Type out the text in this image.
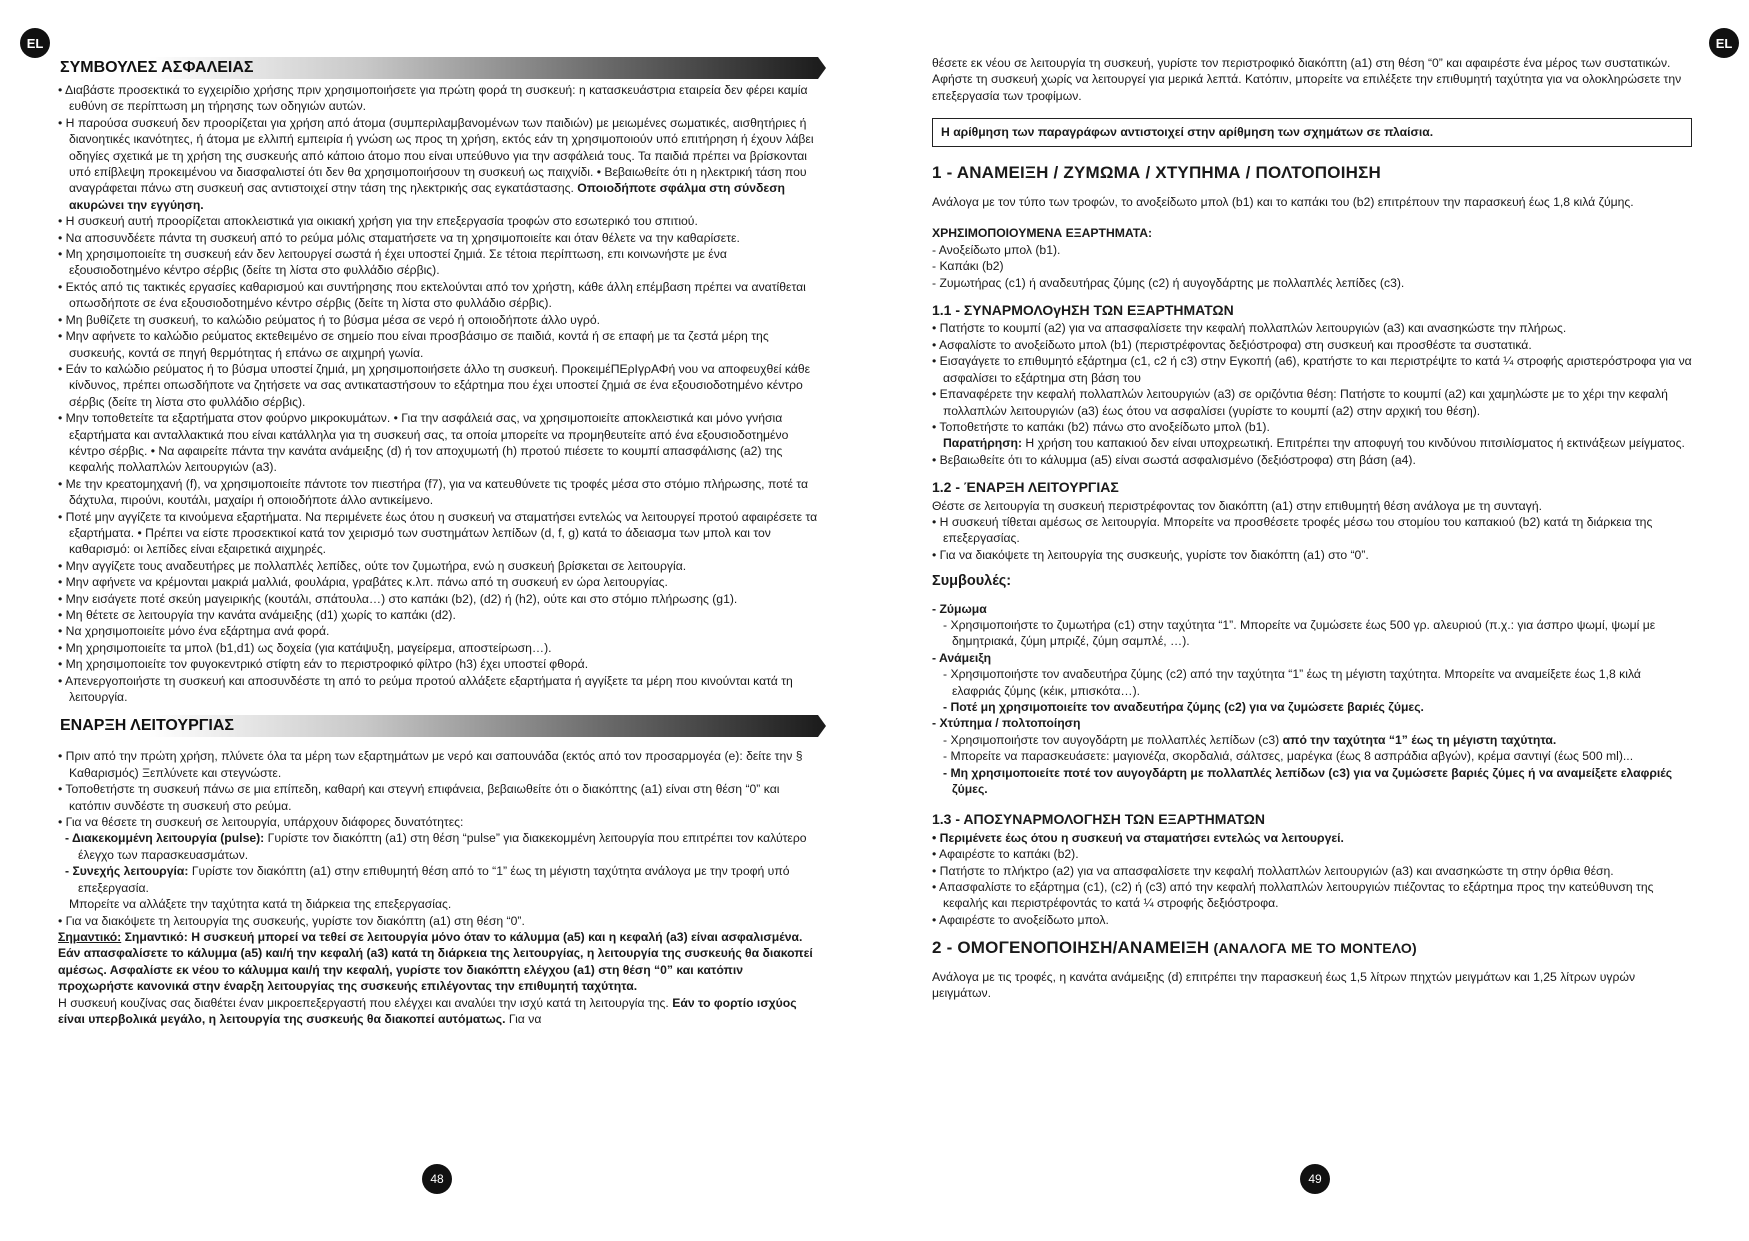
EL
ΣΥΜΒΟΥΛΕΣ ΑΣΦΑΛΕΙΑΣ

• Διαβάστε προσεκτικά το εγχειρίδιο χρήσης πριν χρησιμοποιήσετε για πρώτη φορά τη συσκευή: η κατασκευάστρια εταιρεία δεν φέρει καμία ευθύνη σε περίπτωση μη τήρησης των οδηγιών αυτών.

• Η παρούσα συσκευή δεν προορίζεται για χρήση από άτομα (συμπεριλαμβανομένων των παιδιών) με μειωμένες σωματικές, αισθητήριες ή διανοητικές ικανότητες, ή άτομα με ελλιπή εμπειρία ή γνώση ως προς τη χρήση, εκτός εάν τη χρησιμοποιούν υπό επιτήρηση ή έχουν λάβει οδηγίες σχετικά με τη χρήση της συσκευής από κάποιο άτομο που είναι υπεύθυνο για την ασφάλειά τους. Τα παιδιά πρέπει να βρίσκονται υπό επίβλεψη προκειμένου να διασφαλιστεί ότι δεν θα χρησιμοποιήσουν τη συσκευή ως παιχνίδι. • Βεβαιωθείτε ότι η ηλεκτρική τάση που αναγράφεται πάνω στη συσκευή σας αντιστοιχεί στην τάση της ηλεκτρικής σας εγκατάστασης. Οποιοδήποτε σφάλμα στη σύνδεση ακυρώνει την εγγύηση.

• Η συσκευή αυτή προορίζεται αποκλειστικά για οικιακή χρήση για την επεξεργασία τροφών στο εσωτερικό του σπιτιού.

• Να αποσυνδέετε πάντα τη συσκευή από το ρεύμα μόλις σταματήσετε να τη χρησιμοποιείτε και όταν θέλετε να την καθαρίσετε.

• Μη χρησιμοποιείτε τη συσκευή εάν δεν λειτουργεί σωστά ή έχει υποστεί ζημιά. Σε τέτοια περίπτωση, επι κοινωνήστε με ένα εξουσιοδοτημένο κέντρο σέρβις (δείτε τη λίστα στο φυλλάδιο σέρβις).

• Εκτός από τις τακτικές εργασίες καθαρισμού και συντήρησης που εκτελούνται από τον χρήστη, κάθε άλλη επέμβαση πρέπει να ανατίθεται οπωσδήποτε σε ένα εξουσιοδοτημένο κέντρο σέρβις (δείτε τη λίστα στο φυλλάδιο σέρβις).

• Μη βυθίζετε τη συσκευή, το καλώδιο ρεύματος ή το βύσμα μέσα σε νερό ή οποιοδήποτε άλλο υγρό.

• Μην αφήνετε το καλώδιο ρεύματος εκτεθειμένο σε σημείο που είναι προσβάσιμο σε παιδιά, κοντά ή σε επαφή με τα ζεστά μέρη της συσκευής, κοντά σε πηγή θερμότητας ή επάνω σε αιχμηρή γωνία.

• Εάν το καλώδιο ρεύματος ή το βύσμα υποστεί ζημιά, μη χρησιμοποιήσετε άλλο τη συσκευή. ΠροκειμέΠΕρΙγρΑΦή νου να αποφευχθεί κάθε κίνδυνος, πρέπει οπωσδήποτε να ζητήσετε να σας αντικαταστήσουν το εξάρτημα που έχει υποστεί ζημιά σε ένα εξουσιοδοτημένο κέντρο σέρβις (δείτε τη λίστα στο φυλλάδιο σέρβις).

• Μην τοποθετείτε τα εξαρτήματα στον φούρνο μικροκυμάτων. • Για την ασφάλειά σας, να χρησιμοποιείτε αποκλειστικά και μόνο γνήσια εξαρτήματα και ανταλλακτικά που είναι κατάλληλα για τη συσκευή σας, τα οποία μπορείτε να προμηθευτείτε από ένα εξουσιοδοτημένο κέντρο σέρβις. • Να αφαιρείτε πάντα την κανάτα ανάμειξης (d) ή τον αποχυμωτή (h) προτού πιέσετε το κουμπί απασφάλισης (a2) της κεφαλής πολλαπλών λειτουργιών (a3).

• Με την κρεατομηχανή (f), να χρησιμοποιείτε πάντοτε τον πιεστήρα (f7), για να κατευθύνετε τις τροφές μέσα στο στόμιο πλήρωσης, ποτέ τα δάχτυλα, πιρούνι, κουτάλι, μαχαίρι ή οποιοδήποτε άλλο αντικείμενο.

• Ποτέ μην αγγίζετε τα κινούμενα εξαρτήματα. Να περιμένετε έως ότου η συσκευή να σταματήσει εντελώς να λειτουργεί προτού αφαιρέσετε τα εξαρτήματα. • Πρέπει να είστε προσεκτικοί κατά τον χειρισμό των συστημάτων λεπίδων (d, f, g) κατά το άδειασμα των μπολ και τον καθαρισμό: οι λεπίδες είναι εξαιρετικά αιχμηρές.

• Μην αγγίζετε τους αναδευτήρες με πολλαπλές λεπίδες, ούτε τον ζυμωτήρα, ενώ η συσκευή βρίσκεται σε λειτουργία.

• Μην αφήνετε να κρέμονται μακριά μαλλιά, φουλάρια, γραβάτες κ.λπ. πάνω από τη συσκευή εν ώρα λειτουργίας.

• Μην εισάγετε ποτέ σκεύη μαγειρικής (κουτάλι, σπάτουλα…) στο καπάκι (b2), (d2) ή (h2), ούτε και στο στόμιο πλήρωσης (g1).

• Μη θέτετε σε λειτουργία την κανάτα ανάμειξης (d1) χωρίς το καπάκι (d2).

• Να χρησιμοποιείτε μόνο ένα εξάρτημα ανά φορά.

• Μη χρησιμοποιείτε τα μπολ (b1,d1) ως δοχεία (για κατάψυξη, μαγείρεμα, αποστείρωση…).

• Μη χρησιμοποιείτε τον φυγοκεντρικό στίφτη εάν το περιστροφικό φίλτρο (h3) έχει υποστεί φθορά.

• Απενεργοποιήστε τη συσκευή και αποσυνδέστε τη από το ρεύμα προτού αλλάξετε εξαρτήματα ή αγγίξετε τα μέρη που κινούνται κατά τη λειτουργία.

ΕΝΑΡΞΗ ΛΕΙΤΟΥΡΓΙΑΣ

• Πριν από την πρώτη χρήση, πλύνετε όλα τα μέρη των εξαρτημάτων με νερό και σαπουνάδα (εκτός από τον προσαρμογέα (e): δείτε την § Καθαρισμός) Ξεπλύνετε και στεγνώστε.

• Τοποθετήστε τη συσκευή πάνω σε μια επίπεδη, καθαρή και στεγνή επιφάνεια, βεβαιωθείτε ότι ο διακόπτης (a1) είναι στη θέση “0” και κατόπιν συνδέστε τη συσκευή στο ρεύμα.

• Για να θέσετε τη συσκευή σε λειτουργία, υπάρχουν διάφορες δυνατότητες:

- Διακεκομμένη λειτουργία (pulse): Γυρίστε τον διακόπτη (a1) στη θέση “pulse” για διακεκομμένη λειτουργία που επιτρέπει τον καλύτερο έλεγχο των παρασκευασμάτων.

- Συνεχής λειτουργία: Γυρίστε τον διακόπτη (a1) στην επιθυμητή θέση από το “1” έως τη μέγιστη ταχύτητα ανάλογα με την τροφή υπό επεξεργασία.

Μπορείτε να αλλάξετε την ταχύτητα κατά τη διάρκεια της επεξεργασίας.

• Για να διακόψετε τη λειτουργία της συσκευής, γυρίστε τον διακόπτη (a1) στη θέση “0”.

Σημαντικό: Σημαντικό: Η συσκευή μπορεί να τεθεί σε λειτουργία μόνο όταν το κάλυμμα (a5) και η κεφαλή (a3) είναι ασφαλισμένα. Εάν απασφαλίσετε το κάλυμμα (a5) και/ή την κεφαλή (a3) κατά τη διάρκεια της λειτουργίας, η λειτουργία της συσκευής θα διακοπεί αμέσως. Ασφαλίστε εκ νέου το κάλυμμα και/ή την κεφαλή, γυρίστε τον διακόπτη ελέγχου (a1) στη θέση “0” και κατόπιν προχωρήστε κανονικά στην έναρξη λειτουργίας της συσκευής επιλέγοντας την επιθυμητή ταχύτητα.

Η συσκευή κουζίνας σας διαθέτει έναν μικροεπεξεργαστή που ελέγχει και αναλύει την ισχύ κατά τη λειτουργία της. Εάν το φορτίο ισχύος είναι υπερβολικά μεγάλο, η λειτουργία της συσκευής θα διακοπεί αυτόματως. Για να

48
EL

θέσετε εκ νέου σε λειτουργία τη συσκευή, γυρίστε τον περιστροφικό διακόπτη (a1) στη θέση “0” και αφαιρέστε ένα μέρος των συστατικών. Αφήστε τη συσκευή χωρίς να λειτουργεί για μερικά λεπτά. Κατόπιν, μπορείτε να επιλέξετε την επιθυμητή ταχύτητα για να ολοκληρώσετε την επεξεργασία των τροφίμων.

Η αρίθμηση των παραγράφων αντιστοιχεί στην αρίθμηση των σχημάτων σε πλαίσια.
1 - ΑΝΑΜΕΙΞΗ / ΖΥΜΩΜΑ / ΧΤΥΠΗΜΑ / ΠΟΛΤΟΠΟΙΗΣΗ

Ανάλογα με τον τύπο των τροφών, το ανοξείδωτο μπολ (b1) και το καπάκι του (b2) επιτρέπουν την παρασκευή έως 1,8 κιλά ζύμης.

ΧΡΗΣΙΜΟΠΟΙΟΥΜΕΝΑ ΕΞΑΡΤΗΜΑΤΑ:

- Ανοξείδωτο μπολ (b1).

- Καπάκι (b2)

- Ζυμωτήρας (c1) ή αναδευτήρας ζύμης (c2) ή αυγογδάρτης με πολλαπλές λεπίδες (c3).

1.1 - ΣΥΝΑΡΜΟΛΟγΗΣΗ ΤΩΝ ΕΞΑΡΤΗΜΑΤΩΝ

• Πατήστε το κουμπί (a2) για να απασφαλίσετε την κεφαλή πολλαπλών λειτουργιών (a3) και ανασηκώστε την πλήρως.

• Ασφαλίστε το ανοξείδωτο μπολ (b1) (περιστρέφοντας δεξιόστροφα) στη συσκευή και προσθέστε τα συστατικά.

• Εισαγάγετε το επιθυμητό εξάρτημα (c1, c2 ή c3) στην Εγκοπή (a6), κρατήστε το και περιστρέψτε το κατά ¼ στροφής αριστερόστροφα για να ασφαλίσει το εξάρτημα στη βάση του

• Επαναφέρετε την κεφαλή πολλαπλών λειτουργιών (a3) σε οριζόντια θέση: Πατήστε το κουμπί (a2) και χαμηλώστε με το χέρι την κεφαλή πολλαπλών λειτουργιών (a3) έως ότου να ασφαλίσει (γυρίστε το κουμπί (a2) στην αρχική του θέση).

• Τοποθετήστε το καπάκι (b2) πάνω στο ανοξείδωτο μπολ (b1).

Παρατήρηση: Η χρήση του καπακιού δεν είναι υποχρεωτική. Επιτρέπει την αποφυγή του κινδύνου πιτσιλίσματος ή εκτινάξεων μείγματος.

• Βεβαιωθείτε ότι το κάλυμμα (a5) είναι σωστά ασφαλισμένο (δεξιόστροφα) στη βάση (a4).

1.2 - ΈΝΑΡΞΗ ΛΕΙΤΟΥΡΓΙΑΣ

Θέστε σε λειτουργία τη συσκευή περιστρέφοντας τον διακόπτη (a1) στην επιθυμητή θέση ανάλογα με τη συνταγή.

• Η συσκευή τίθεται αμέσως σε λειτουργία. Μπορείτε να προσθέσετε τροφές μέσω του στομίου του καπακιού (b2) κατά τη διάρκεια της επεξεργασίας.

• Για να διακόψετε τη λειτουργία της συσκευής, γυρίστε τον διακόπτη (a1) στο “0”.

Συμβουλές:

- Ζύμωμα

- Χρησιμοποιήστε το ζυμωτήρα (c1) στην ταχύτητα “1”. Μπορείτε να ζυμώσετε έως 500 γρ. αλευριού (π.χ.: για άσπρο ψωμί, ψωμί με δημητριακά, ζύμη μπριζέ, ζύμη σαμπλέ, …).

- Ανάμειξη

- Χρησιμοποιήστε τον αναδευτήρα ζύμης (c2) από την ταχύτητα “1” έως τη μέγιστη ταχύτητα. Μπορείτε να αναμείξετε έως 1,8 κιλά ελαφριάς ζύμης (κέικ, μπισκότα…).

- Ποτέ μη χρησιμοποιείτε τον αναδευτήρα ζύμης (c2) για να ζυμώσετε βαριές ζύμες.

- Χτύπημα / πολτοποίηση

- Χρησιμοποιήστε τον αυγογδάρτη με πολλαπλές λεπίδων (c3) από την ταχύτητα “1” έως τη μέγιστη ταχύτητα.

- Μπορείτε να παρασκευάσετε: μαγιονέζα, σκορδαλιά, σάλτσες, μαρέγκα (έως 8 ασπράδια αβγών), κρέμα σαντιγί (έως 500 ml)...

- Μη χρησιμοποιείτε ποτέ τον αυγογδάρτη με πολλαπλές λεπίδων (c3) για να ζυμώσετε βαριές ζύμες ή να αναμείξετε ελαφριές ζύμες.

1.3 - ΑΠΟΣΥΝΑΡΜΟΛΟΓΗΣΗ ΤΩΝ ΕΞΑΡΤΗΜΑΤΩΝ

• Περιμένετε έως ότου η συσκευή να σταματήσει εντελώς να λειτουργεί.

• Αφαιρέστε το καπάκι (b2).

• Πατήστε το πλήκτρο (a2) για να απασφαλίσετε την κεφαλή πολλαπλών λειτουργιών (a3) και ανασηκώστε τη στην όρθια θέση.

• Απασφαλίστε το εξάρτημα (c1), (c2) ή (c3) από την κεφαλή πολλαπλών λειτουργιών πιέζοντας το εξάρτημα προς την κατεύθυνση της κεφαλής και περιστρέφοντάς το κατά ¼ στροφής δεξιόστροφα.

• Αφαιρέστε το ανοξείδωτο μπολ.

2 - ΟΜΟΓΕΝΟΠΟΙΗΣΗ/ΑΝΑΜΕΙΞΗ (ΑΝΑΛΟΓΑ ΜΕ ΤΟ ΜΟΝΤΕΛΟ)

Ανάλογα με τις τροφές, η κανάτα ανάμειξης (d) επιτρέπει την παρασκευή έως 1,5 λίτρων πηχτών μειγμάτων και 1,25 λίτρων υγρών μειγμάτων.

49
